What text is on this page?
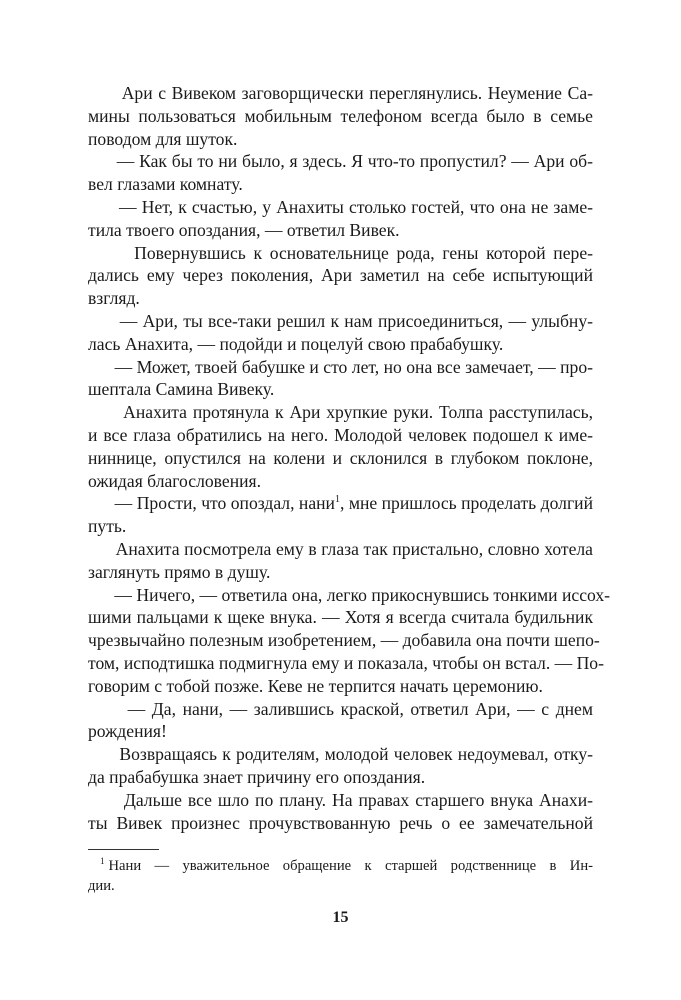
Ари с Вивеком заговорщически переглянулись. Неумение Са-
мины пользоваться мобильным телефоном всегда было в семье
поводом для шуток.
— Как бы то ни было, я здесь. Я что-то пропустил? — Ари об-
вел глазами комнату.
— Нет, к счастью, у Анахиты столько гостей, что она не заме-
тила твоего опоздания, — ответил Вивек.
Повернувшись к основательнице рода, гены которой пере-
дались ему через поколения, Ари заметил на себе испытующий
взгляд.
— Ари, ты все-таки решил к нам присоединиться, — улыбну-
лась Анахита, — подойди и поцелуй свою прабабушку.
— Может, твоей бабушке и сто лет, но она все замечает, — про-
шептала Самина Вивеку.
Анахита протянула к Ари хрупкие руки. Толпа расступилась,
и все глаза обратились на него. Молодой человек подошел к име-
ниннице, опустился на колени и склонился в глубоком поклоне,
ожидая благословения.
— Прости, что опоздал, нани$^1$, мне пришлось проделать долгий
путь.
Анахита посмотрела ему в глаза так пристально, словно хотела
заглянуть прямо в душу.
— Ничего, — ответила она, легко прикоснувшись тонкими иссох-
шими пальцами к щеке внука. — Хотя я всегда считала будильник
чрезвычайно полезным изобретением, — добавила она почти шепо-
том, исподтишка подмигнула ему и показала, чтобы он встал. — По-
говорим с тобой позже. Кеве не терпится начать церемонию.
— Да, нани, — залившись краской, ответил Ари, — с днем
рождения!
Возвращаясь к родителям, молодой человек недоумевал, отку-
да прабабушка знает причину его опоздания.
Дальше все шло по плану. На правах старшего внука Анахи-
ты Вивек произнес прочувствованную речь о ее замечательной
$^1$ Нани — уважительное обращение к старшей родственнице в Ин-
дии.
15
